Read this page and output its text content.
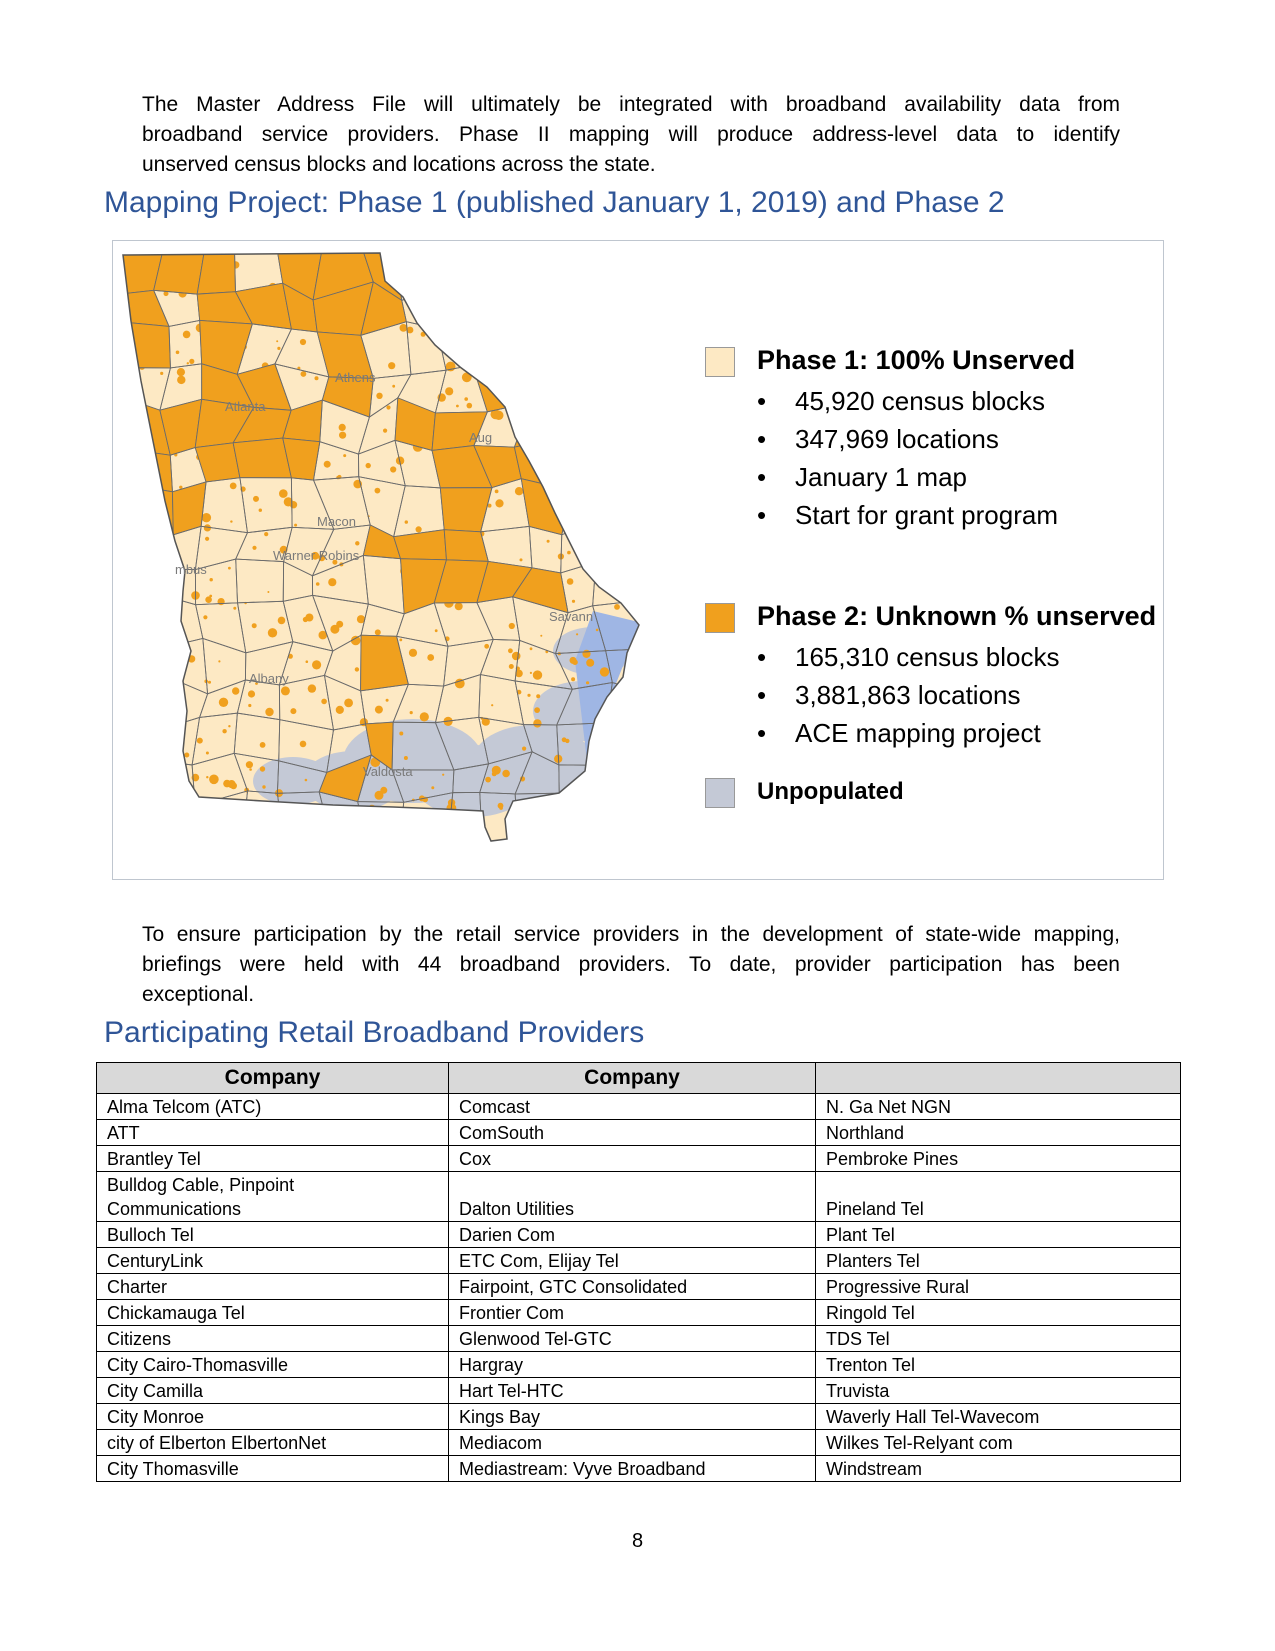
The Master Address File will ultimately be integrated with broadband availability data from
broadband service providers. Phase II mapping will produce address-level data to identify
unserved census blocks and locations across the state.

Mapping Project: Phase 1 (published January 1, 2019) and Phase 2
Athens
Atlanta
Aug
Macon
Warner Robins
mbus
Savann
Albany
Valdosta
Phase 1: 100% Unserved
• 45,920 census blocks
• 347,969 locations
• January 1 map
• Start for grant program
Phase 2: Unknown % unserved
• 165,310 census blocks
• 3,881,863 locations
• ACE mapping project
Unpopulated

To ensure participation by the retail service providers in the development of state-wide mapping,
briefings were held with 44 broadband providers. To date, provider participation has been
exceptional.

Participating Retail Broadband Providers
Company	Company	
Alma Telcom (ATC)	Comcast	N. Ga Net NGN
ATT	ComSouth	Northland
Brantley Tel	Cox	Pembroke Pines
Bulldog Cable, Pinpoint Communications	Dalton Utilities	Pineland Tel
Bulloch Tel	Darien Com	Plant Tel
CenturyLink	ETC Com, Elijay Tel	Planters Tel
Charter	Fairpoint, GTC Consolidated	Progressive Rural
Chickamauga Tel	Frontier Com	Ringold Tel
Citizens	Glenwood Tel-GTC	TDS Tel
City Cairo-Thomasville	Hargray	Trenton Tel
City Camilla	Hart Tel-HTC	Truvista
City Monroe	Kings Bay	Waverly Hall Tel-Wavecom
city of Elberton ElbertonNet	Mediacom	Wilkes Tel-Relyant com
City Thomasville	Mediastream: Vyve Broadband	Windstream
8
